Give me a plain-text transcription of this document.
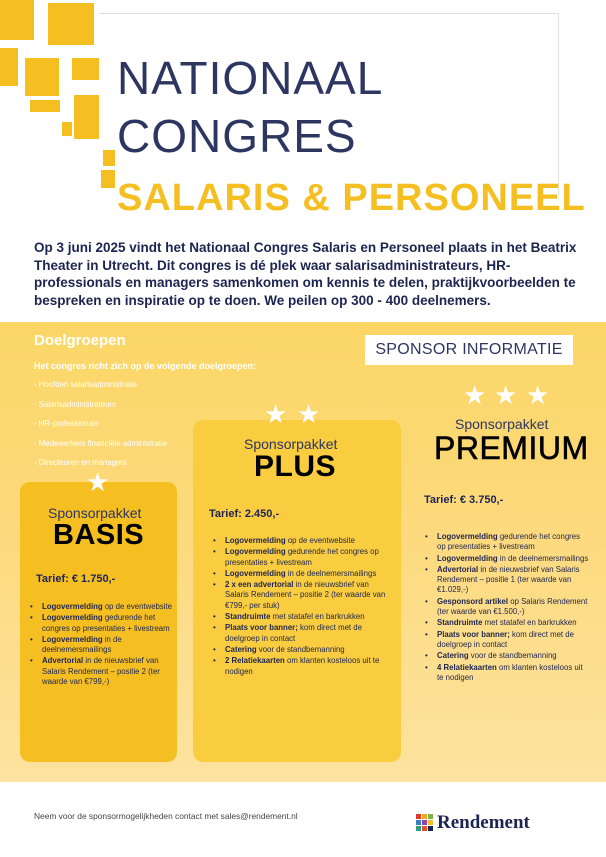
NATIONAAL
CONGRES
SALARIS & PERSONEEL

Op 3 juni 2025 vindt het Nationaal Congres Salaris en Personeel plaats in het Beatrix Theater in Utrecht. Dit congres is dé plek waar salarisadministrateurs, HR-professionals en managers samenkomen om kennis te delen, praktijkvoorbeelden te bespreken en inspiratie op te doen. We peilen op 300 - 400 deelnemers.

Doelgroepen
Het congres richt zich op de volgende doelgroepen:
- Hoofden salarisadministratie
- Salarisadministrateurs
- HR-professionals
- Medewerkers financiële administratie
- Directeuren en managers
SPONSOR INFORMATIE
★
★ ★
★ ★ ★
Sponsorpakket
BASIS
Tarief: € 1.750,-
• Logovermelding op de eventwebsite
• Logovermelding gedurende het congres op presentaties + livestream
• Logovermelding in de deelnemersmailings
• Advertorial in de nieuwsbrief van Salaris Rendement – positie 2 (ter waarde van €799,-)
Sponsorpakket
PLUS
Tarief: 2.450,-
• Logovermelding op de eventwebsite
• Logovermelding gedurende het congres op presentaties + livestream
• Logovermelding in de deelnemersmailings
• 2 x een advertorial in de nieuwsbrief van Salaris Rendement – positie 2 (ter waarde van €799,- per stuk)
• Standruimte met statafel en barkrukken
• Plaats voor banner; kom direct met de doelgroep in contact
• Catering voor de standbemanning
• 2 Relatiekaarten om klanten kosteloos uit te nodigen
Sponsorpakket
PREMIUM
Tarief: € 3.750,-
• Logovermelding gedurende het congres op presentaties + livestream
• Logovermelding in de deelnemersmailings
• Advertorial in de nieuwsbrief van Salaris Rendement – positie 1 (ter waarde van €1.029,-)
• Gesponsord artikel op Salaris Rendement (ter waarde van €1.500,-)
• Standruimte met statafel en barkrukken
• Plaats voor banner; kom direct met de doelgroep in contact
• Catering voor de standbemanning
• 4 Relatiekaarten om klanten kosteloos uit te nodigen
Neem voor de sponsormogelijkheden contact met sales@rendement.nl	Rendement
